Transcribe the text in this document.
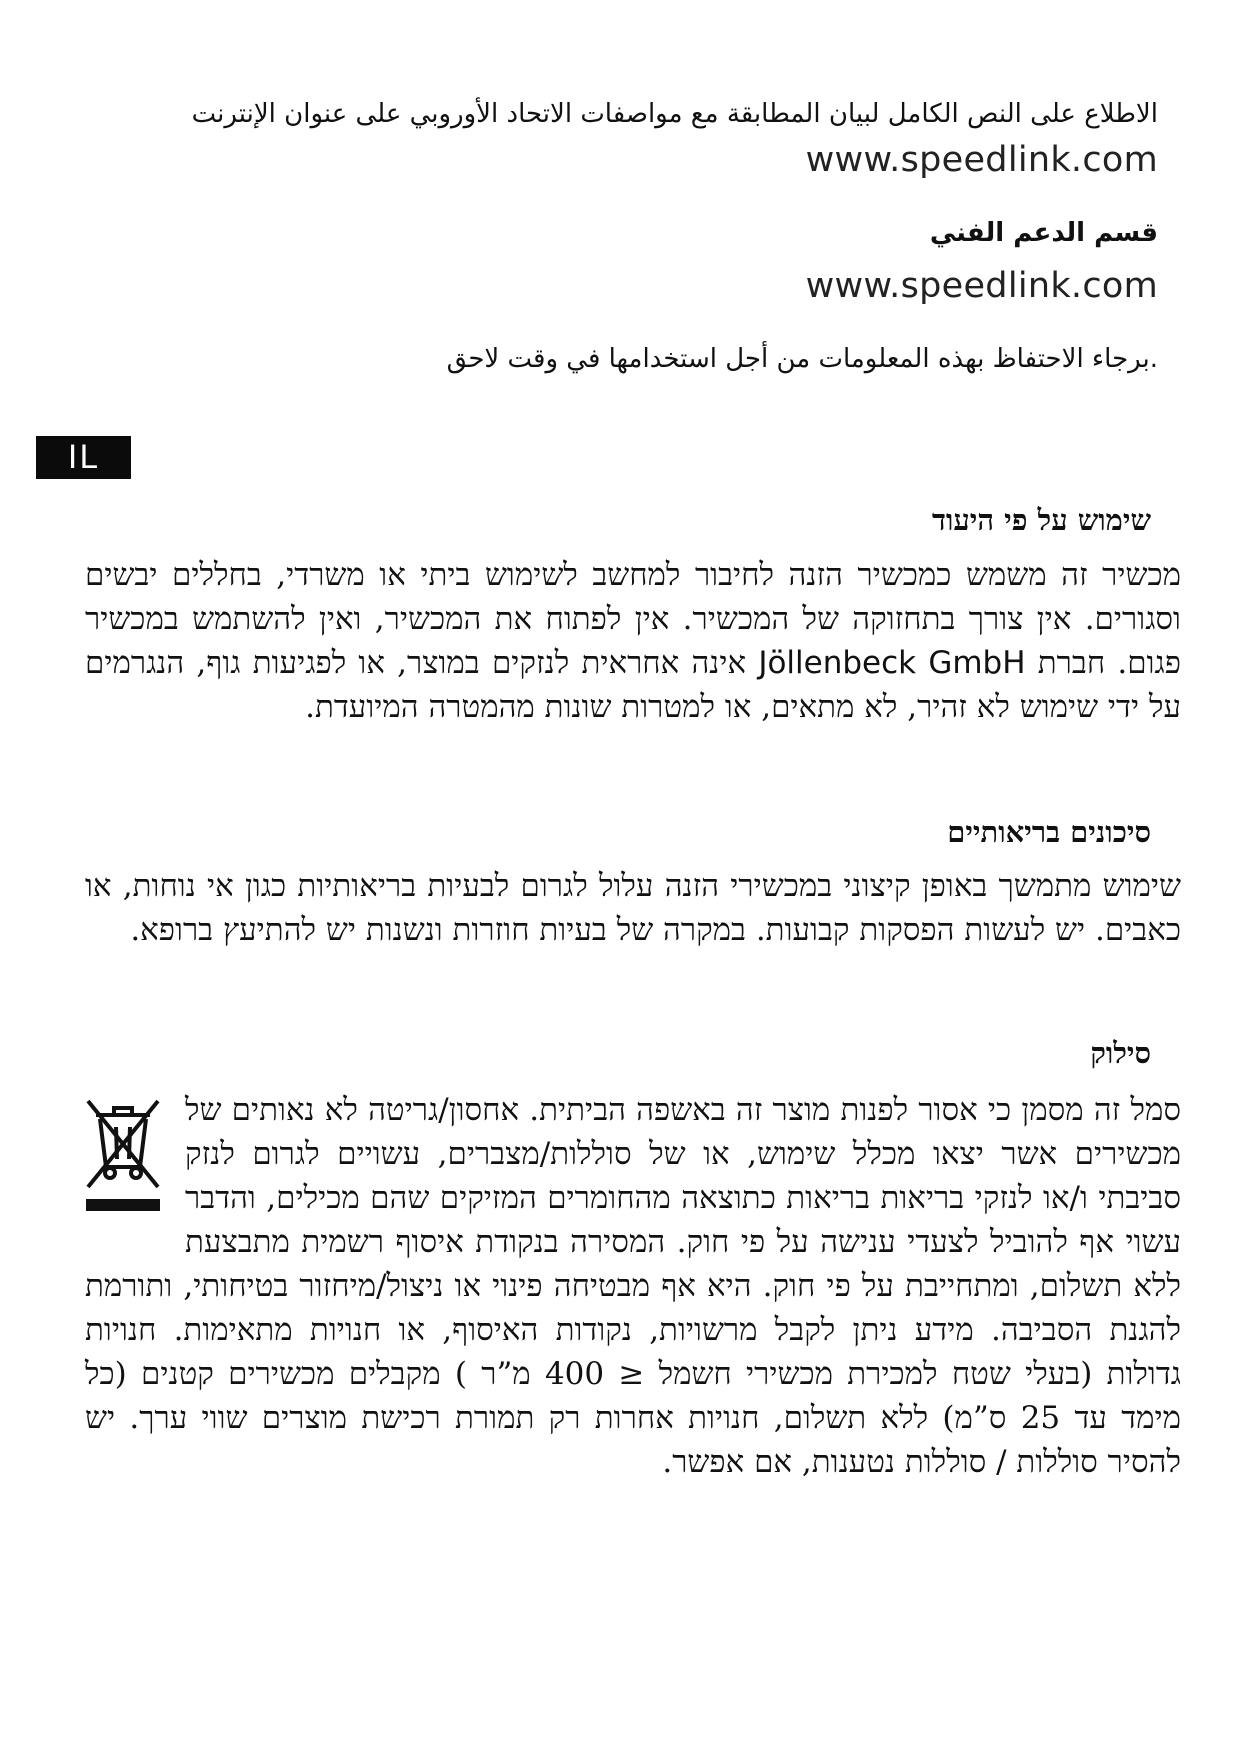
الاطلاع على النص الكامل لبيان المطابقة مع مواصفات الاتحاد الأوروبي على عنوان الإنترنت
www.speedlink.com
قسم الدعم الفني
www.speedlink.com
.برجاء الاحتفاظ بهذه المعلومات من أجل استخدامها في وقت لاحق
IL
שימוש על פי היעוד
מכשיר זה משמש כמכשיר הזנה לחיבור למחשב לשימוש ביתי או משרדי, בחללים יבשים וסגורים. אין צורך בתחזוקה של המכשיר. אין לפתוח את המכשיר, ואין להשתמש במכשיר פגום. חברת Jöllenbeck GmbH אינה אחראית לנזקים במוצר, או לפגיעות גוף, הנגרמים על ידי שימוש לא זהיר, לא מתאים, או למטרות שונות מהמטרה המיועדת.
סיכונים בריאותיים
שימוש מתמשך באופן קיצוני במכשירי הזנה עלול לגרום לבעיות בריאותיות כגון אי נוחות, או כאבים. יש לעשות הפסקות קבועות. במקרה של בעיות חוזרות ונשנות יש להתיעץ ברופא.
סילוק
סמל זה מסמן כי אסור לפנות מוצר זה באשפה הביתית. אחסון/גריטה לא נאותים של מכשירים אשר יצאו מכלל שימוש, או של סוללות/מצברים, עשויים לגרום לנזק סביבתי ו/או לנזקי בריאות בריאות כתוצאה מהחומרים המזיקים שהם מכילים, והדבר עשוי אף להוביל לצעדי ענישה על פי חוק. המסירה בנקודת איסוף רשמית מתבצעת ללא תשלום, ומתחייבת על פי חוק. היא אף מבטיחה פינוי או ניצול/מיחזור בטיחותי, ותורמת להגנת הסביבה. מידע ניתן לקבל מרשויות, נקודות האיסוף, או חנויות מתאימות. חנויות גדולות (בעלי שטח למכירת מכשירי חשמל ≤ 400 מ”ר ) מקבלים מכשירים קטנים (כל מימד עד 25 ס”מ) ללא תשלום, חנויות אחרות רק תמורת רכישת מוצרים שווי ערך. יש להסיר סוללות / סוללות נטענות, אם אפשר.
